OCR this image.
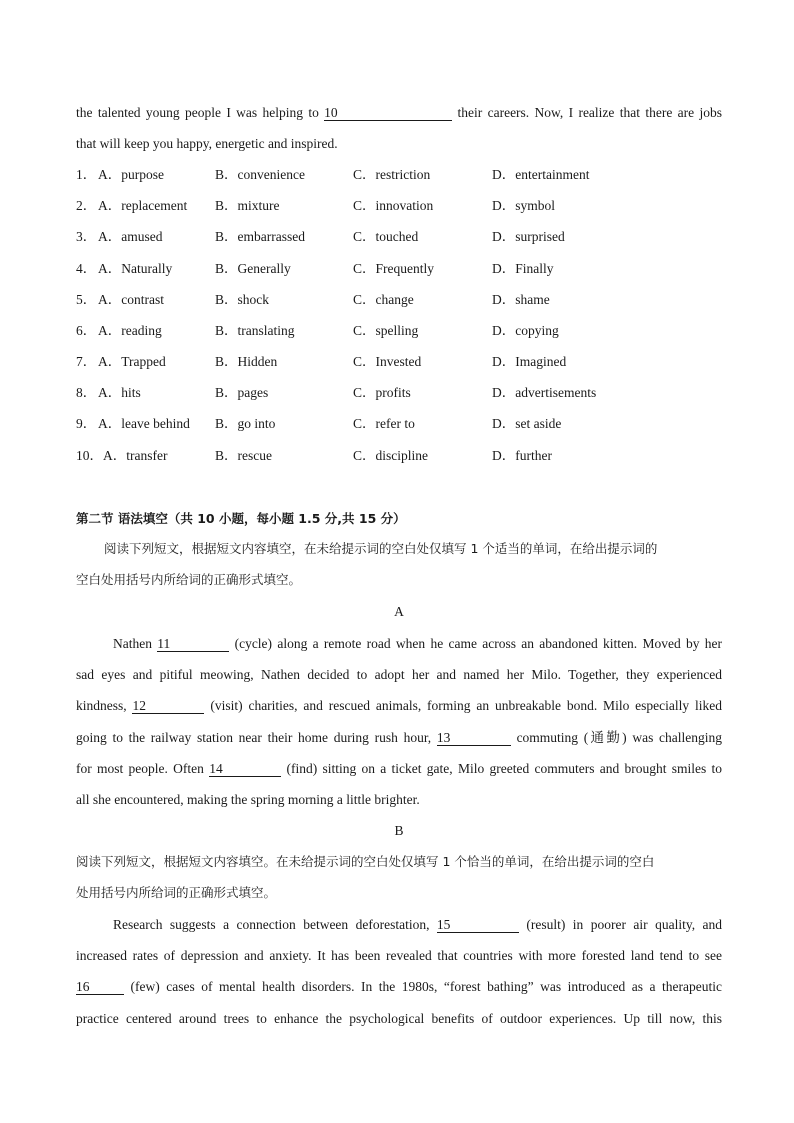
the talented young people I was helping to 10	their careers. Now, I realize that there are jobs
that will keep you happy, energetic and inspired.
1． A．purpose	B．convenience	C．restriction	D．entertainment
2． A．replacement B．mixture	C．innovation	D．symbol
3． A．amused	B．embarrassed	C．touched	D．surprised
4． A．Naturally	B．Generally	C．Frequently	D．Finally
5． A．contrast	B．shock	C．change	D．shame
6． A．reading	B．translating	C．spelling	D．copying
7． A．Trapped	B．Hidden	C．Invested	D．Imagined
8． A．hits	B．pages	C．profits	D．advertisements
9． A．leave behind B．go into	C．refer to	D．set aside
10． A．transfer	B．rescue	C．discipline	D．further
第二节 语法填空（共 10 小题，每小题 1.5 分,共 15 分）
阅读下列短文，根据短文内容填空，在未给提示词的空白处仅填写 1 个适当的单词，在给出提示词的
空白处用括号内所给词的正确形式填空。
A
Nathen 11	(cycle) along a remote road when he came across an abandoned kitten. Moved by her
sad eyes and pitiful meowing, Nathen decided to adopt her and named her Milo. Together, they experienced
kindness, 12	(visit) charities, and rescued animals, forming an unbreakable bond. Milo especially liked
going to the railway station near their home during rush hour, 13	commuting (通勤) was challenging
for most people. Often 14	(find) sitting on a ticket gate, Milo greeted commuters and brought smiles to
all she encountered, making the spring morning a little brighter.
B
阅读下列短文，根据短文内容填空。在未给提示词的空白处仅填写 1 个恰当的单词，在给出提示词的空白
处用括号内所给词的正确形式填空。
Research suggests a connection between deforestation, 15	(result) in poorer air quality, and
increased rates of depression and anxiety. It has been revealed that countries with more forested land tend to see
16	(few) cases of mental health disorders. In the 1980s, “forest bathing” was introduced as a therapeutic
practice centered around trees to enhance the psychological benefits of outdoor experiences. Up till now, this
